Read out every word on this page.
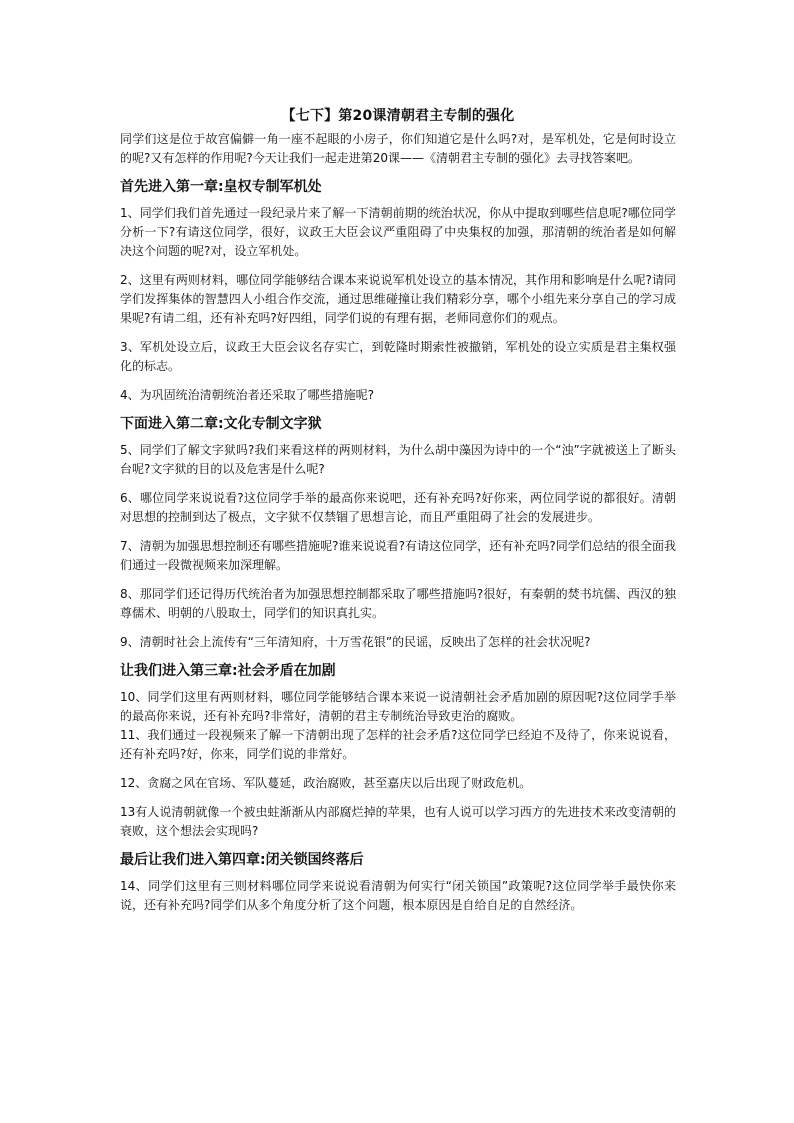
【七下】第20课清朝君主专制的强化

同学们这是位于故宫偏僻一角一座不起眼的小房子，你们知道它是什么吗?对，是军机处，它是何时设立的呢?又有怎样的作用呢?今天让我们一起走进第20课——《清朝君主专制的强化》去寻找答案吧。

首先进入第一章:皇权专制军机处

1、同学们我们首先通过一段纪录片来了解一下清朝前期的统治状况，你从中提取到哪些信息呢?哪位同学分析一下?有请这位同学，很好，议政王大臣会议严重阻碍了中央集权的加强，那清朝的统治者是如何解决这个问题的呢?对，设立军机处。

2、这里有两则材料，哪位同学能够结合课本来说说军机处设立的基本情况，其作用和影响是什么呢?请同学们发挥集体的智慧四人小组合作交流，通过思维碰撞让我们精彩分享，哪个小组先来分享自己的学习成果呢?有请二组，还有补充吗?好四组，同学们说的有理有据，老师同意你们的观点。

3、军机处设立后，议政王大臣会议名存实亡，到乾隆时期索性被撤销，军机处的设立实质是君主集权强化的标志。

4、为巩固统治清朝统治者还采取了哪些措施呢?

下面进入第二章:文化专制文字狱

5、同学们了解文字狱吗?我们来看这样的两则材料，为什么胡中藻因为诗中的一个“浊”字就被送上了断头台呢?文字狱的目的以及危害是什么呢?

6、哪位同学来说说看?这位同学手举的最高你来说吧，还有补充吗?好你来，两位同学说的都很好。清朝对思想的控制到达了极点，文字狱不仅禁锢了思想言论，而且严重阻碍了社会的发展进步。

7、清朝为加强思想控制还有哪些措施呢?谁来说说看?有请这位同学，还有补充吗?同学们总结的很全面我们通过一段微视频来加深理解。

8、那同学们还记得历代统治者为加强思想控制都采取了哪些措施吗?很好，有秦朝的焚书坑儒、西汉的独尊儒术、明朝的八股取士，同学们的知识真扎实。

9、清朝时社会上流传有“三年清知府，十万雪花银”的民谣，反映出了怎样的社会状况呢?

让我们进入第三章:社会矛盾在加剧

10、同学们这里有两则材料，哪位同学能够结合课本来说一说清朝社会矛盾加剧的原因呢?这位同学手举的最高你来说，还有补充吗?非常好，清朝的君主专制统治导致吏治的腐败。

11、我们通过一段视频来了解一下清朝出现了怎样的社会矛盾?这位同学已经迫不及待了，你来说说看，还有补充吗?好，你来，同学们说的非常好。

12、贪腐之风在官场、军队蔓延，政治腐败，甚至嘉庆以后出现了财政危机。

13有人说清朝就像一个被虫蛀渐渐从内部腐烂掉的苹果，也有人说可以学习西方的先进技术来改变清朝的衰败，这个想法会实现吗?

最后让我们进入第四章:闭关锁国终落后

14、同学们这里有三则材料哪位同学来说说看清朝为何实行“闭关锁国”政策呢?这位同学举手最快你来说，还有补充吗?同学们从多个角度分析了这个问题，根本原因是自给自足的自然经济。
